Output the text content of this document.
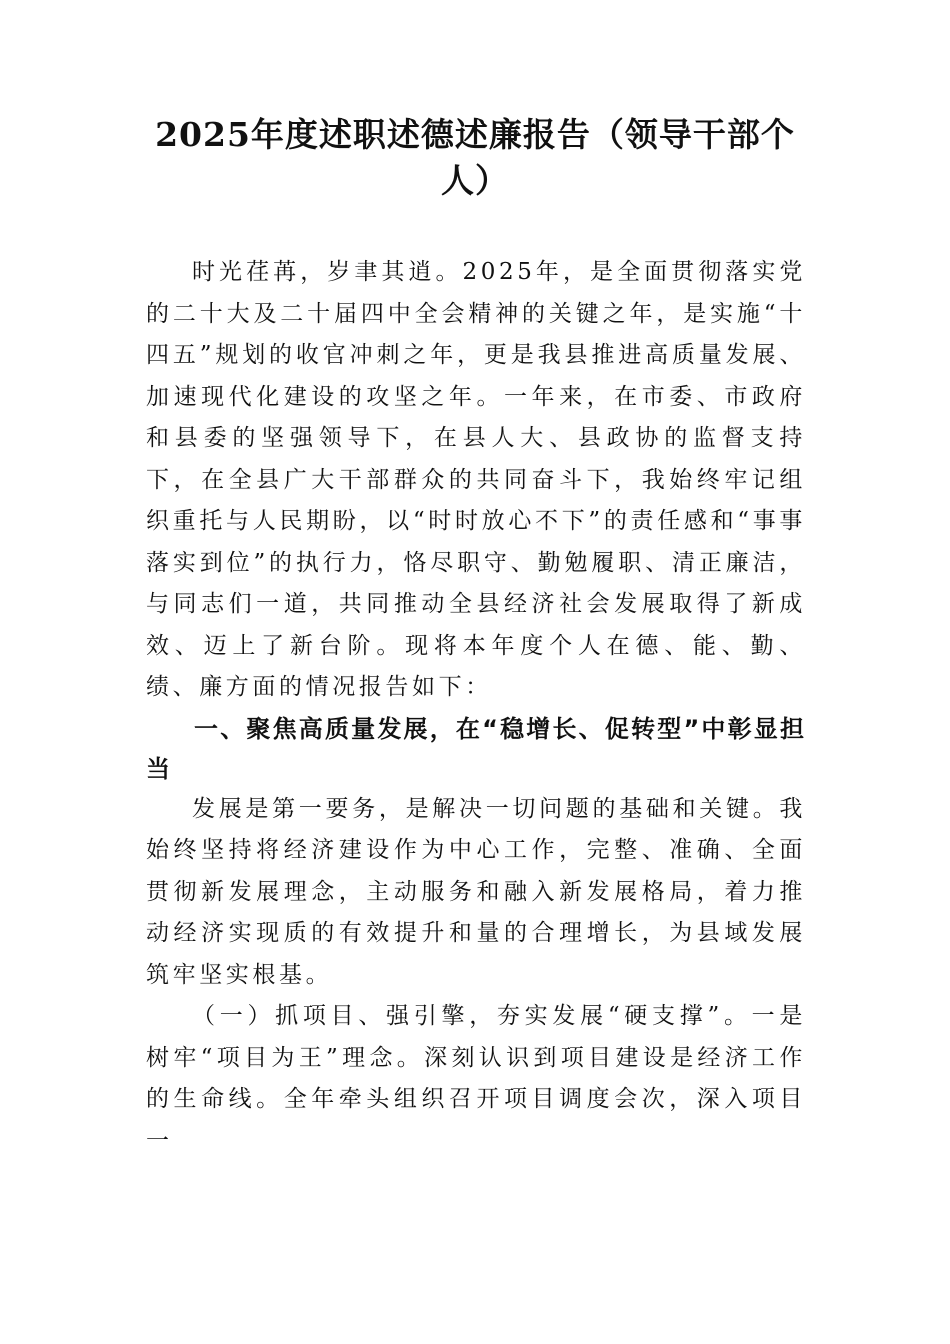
2025年度述职述德述廉报告（领导干部个人）

时光荏苒，岁聿其逍。2025年，是全面贯彻落实党的二十大及二十届四中全会精神的关键之年，是实施“十四五”规划的收官冲刺之年，更是我县推进高质量发展、加速现代化建设的攻坚之年。一年来，在市委、市政府和县委的坚强领导下，在县人大、县政协的监督支持下，在全县广大干部群众的共同奋斗下，我始终牢记组织重托与人民期盼，以“时时放心不下”的责任感和“事事落实到位”的执行力，恪尽职守、勤勉履职、清正廉洁，与同志们一道，共同推动全县经济社会发展取得了新成效、迈上了新台阶。现将本年度个人在德、能、勤、绩、廉方面的情况报告如下：

一、聚焦高质量发展，在“稳增长、促转型”中彰显担当

发展是第一要务，是解决一切问题的基础和关键。我始终坚持将经济建设作为中心工作，完整、准确、全面贯彻新发展理念，主动服务和融入新发展格局，着力推动经济实现质的有效提升和量的合理增长，为县域发展筑牢坚实根基。

（一）抓项目、强引擎，夯实发展“硬支撑”。一是树牢“项目为王”理念。深刻认识到项目建设是经济工作的生命线。全年牵头组织召开项目调度会次，深入项目一
